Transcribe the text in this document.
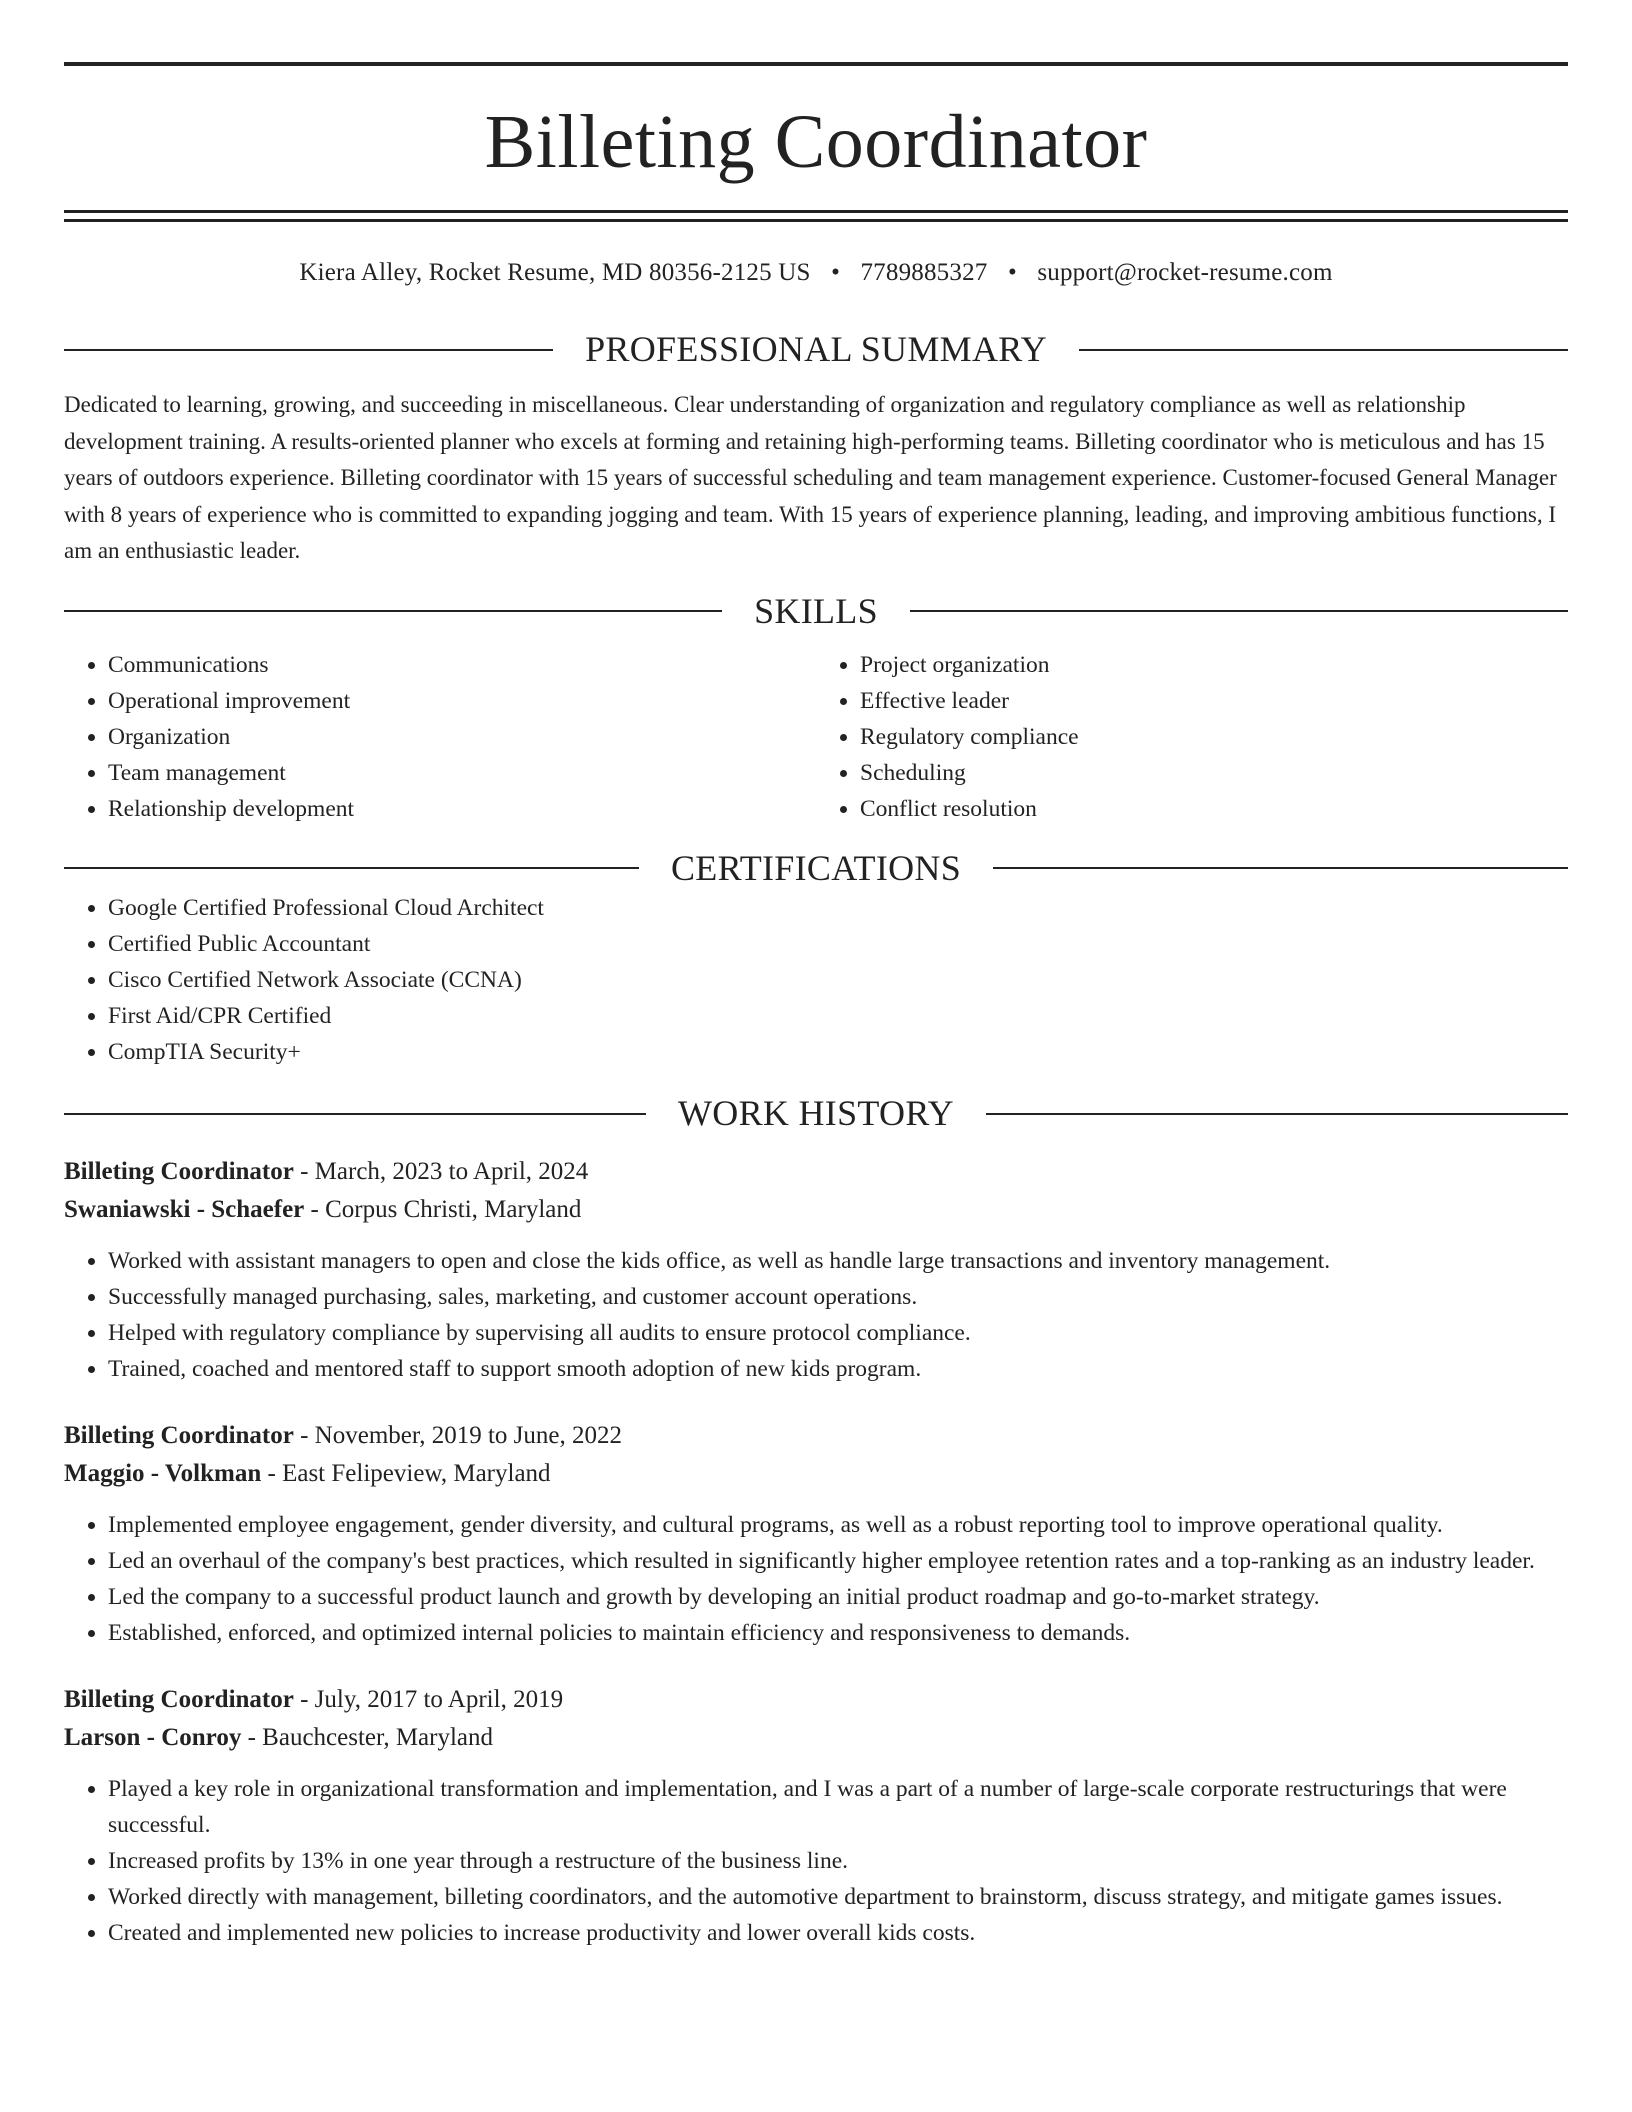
Billeting Coordinator
Kiera Alley, Rocket Resume, MD 80356-2125 US • 7789885327 • support@rocket-resume.com
PROFESSIONAL SUMMARY

Dedicated to learning, growing, and succeeding in miscellaneous. Clear understanding of organization and regulatory compliance as well as relationship development training. A results-oriented planner who excels at forming and retaining high-performing teams. Billeting coordinator who is meticulous and has 15 years of outdoors experience. Billeting coordinator with 15 years of successful scheduling and team management experience. Customer-focused General Manager with 8 years of experience who is committed to expanding jogging and team. With 15 years of experience planning, leading, and improving ambitious functions, I am an enthusiastic leader.

SKILLS
• Communications
• Operational improvement
• Organization
• Team management
• Relationship development
• Project organization
• Effective leader
• Regulatory compliance
• Scheduling
• Conflict resolution
CERTIFICATIONS
• Google Certified Professional Cloud Architect
• Certified Public Accountant
• Cisco Certified Network Associate (CCNA)
• First Aid/CPR Certified
• CompTIA Security+
WORK HISTORY
Billeting Coordinator - March, 2023 to April, 2024
Swaniawski - Schaefer - Corpus Christi, Maryland
• Worked with assistant managers to open and close the kids office, as well as handle large transactions and inventory management.
• Successfully managed purchasing, sales, marketing, and customer account operations.
• Helped with regulatory compliance by supervising all audits to ensure protocol compliance.
• Trained, coached and mentored staff to support smooth adoption of new kids program.
Billeting Coordinator - November, 2019 to June, 2022
Maggio - Volkman - East Felipeview, Maryland
• Implemented employee engagement, gender diversity, and cultural programs, as well as a robust reporting tool to improve operational quality.
• Led an overhaul of the company's best practices, which resulted in significantly higher employee retention rates and a top-ranking as an industry leader.
• Led the company to a successful product launch and growth by developing an initial product roadmap and go-to-market strategy.
• Established, enforced, and optimized internal policies to maintain efficiency and responsiveness to demands.
Billeting Coordinator - July, 2017 to April, 2019
Larson - Conroy - Bauchcester, Maryland
• Played a key role in organizational transformation and implementation, and I was a part of a number of large-scale corporate restructurings that were successful.
• Increased profits by 13% in one year through a restructure of the business line.
• Worked directly with management, billeting coordinators, and the automotive department to brainstorm, discuss strategy, and mitigate games issues.
• Created and implemented new policies to increase productivity and lower overall kids costs.
